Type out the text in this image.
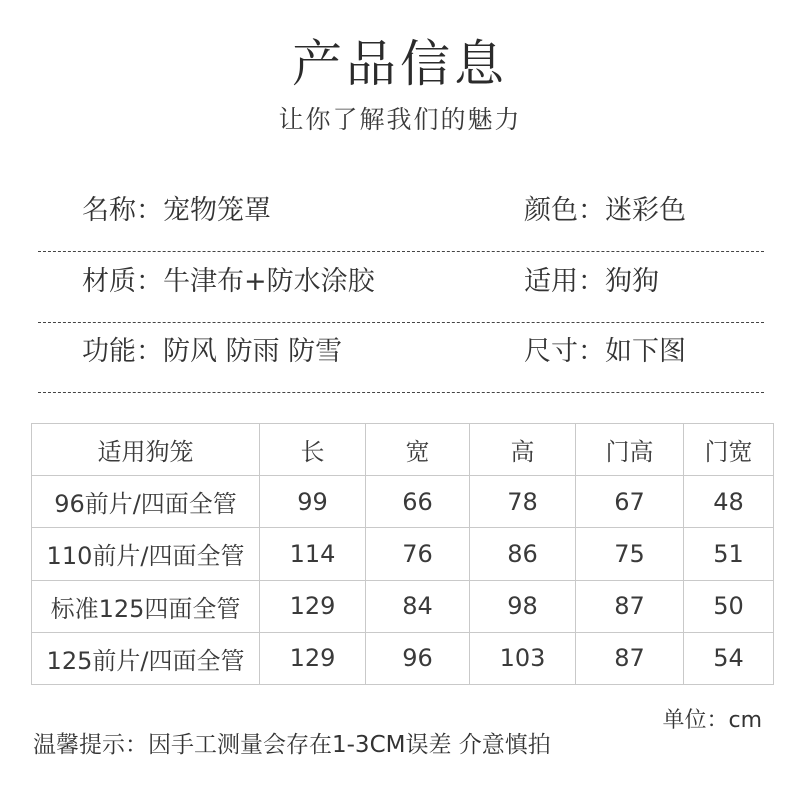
产品信息
让你了解我们的魅力
名称：宠物笼罩	颜色：迷彩色
材质：牛津布+防水涂胶	适用：狗狗
功能：防风 防雨 防雪	尺寸：如下图
适用狗笼	长	宽	高	门高	门宽
96前片/四面全管	99	66	78	67	48
110前片/四面全管	114	76	86	75	51
标准125四面全管	129	84	98	87	50
125前片/四面全管	129	96	103	87	54
单位：cm
温馨提示：因手工测量会存在1-3CM误差 介意慎拍
